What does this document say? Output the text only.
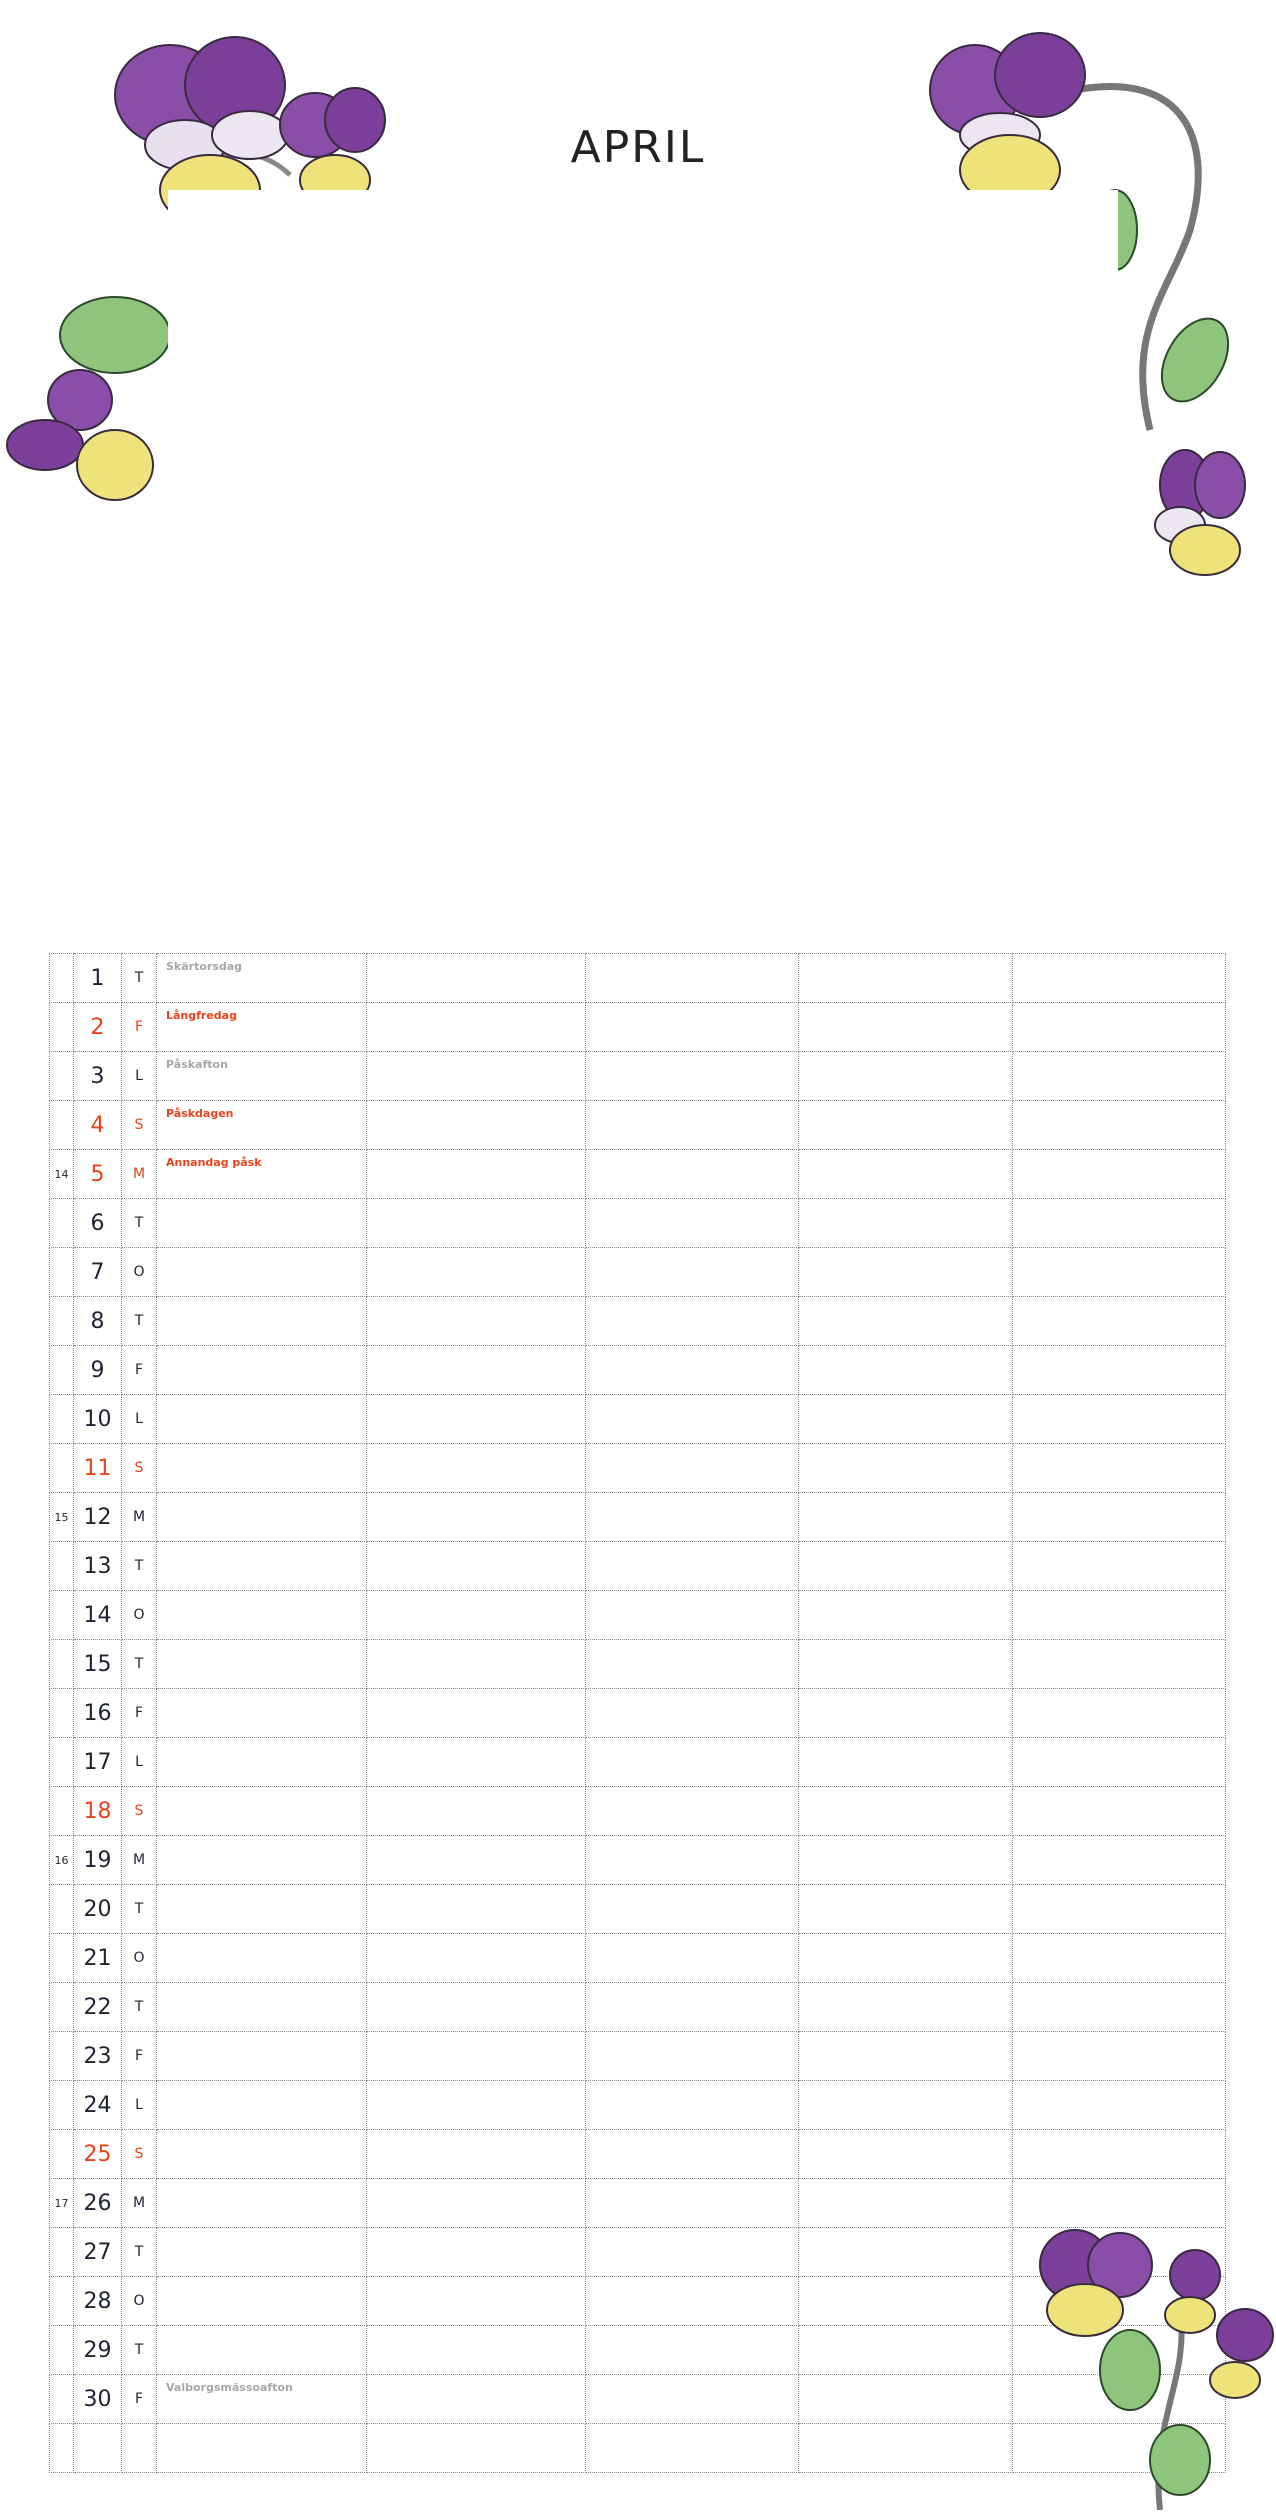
APRIL
	1	T	Skärtorsdag				

	2	F	Långfredag				

	3	L	Påskafton				

	4	S	Påskdagen				

14	5	M	Annandag påsk				

	6	T					
	7	O					
	8	T					
	9	F					
	10	L					
	11	S					
15	12	M					
	13	T					
	14	O					
	15	T					
	16	F					
	17	L					
	18	S					
16	19	M					
	20	T					
	21	O					
	22	T					
	23	F					
	24	L					
	25	S					
17	26	M					
	27	T					
	28	O					
	29	T					
	30	F	Valborgsmässoafton				
